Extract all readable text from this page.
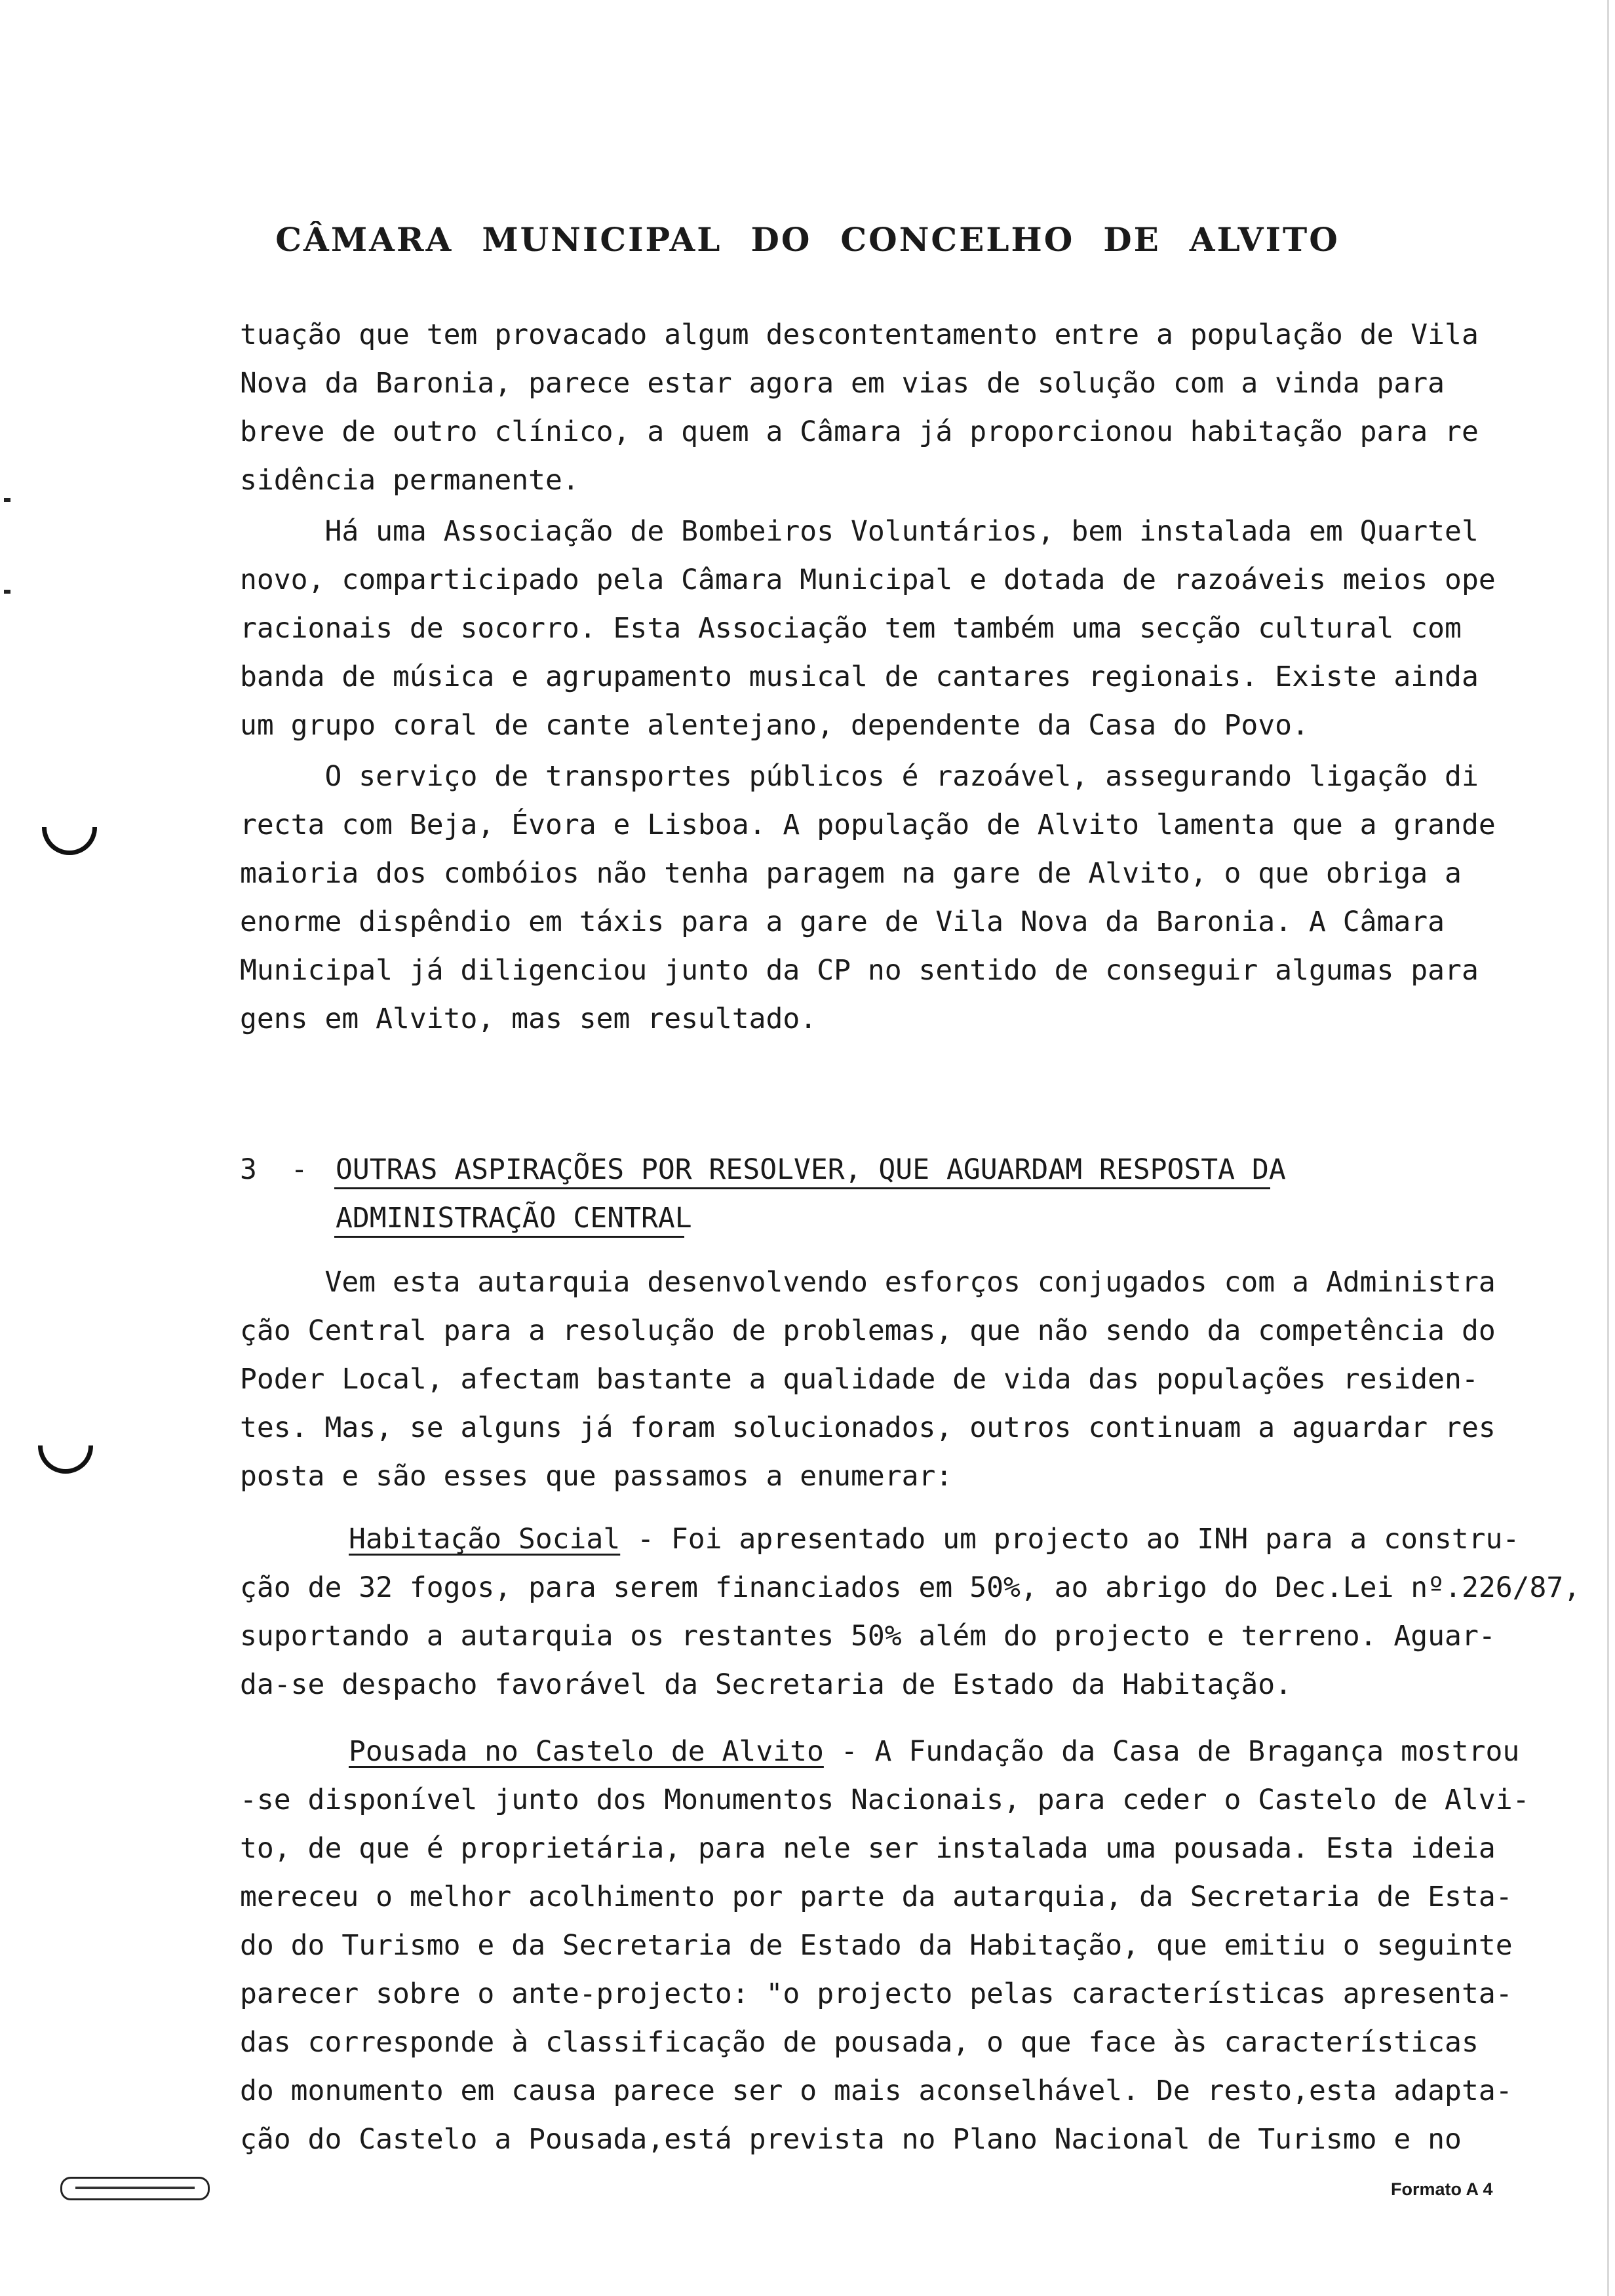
CÂMARA MUNICIPAL DO CONCELHO DE ALVITO
tuação que tem provacado algum descontentamento entre a população de Vila
Nova da Baronia, parece estar agora em vias de solução com a vinda para
breve de outro clínico, a quem a Câmara já proporcionou habitação para re
sidência permanente.
Há uma Associação de Bombeiros Voluntários, bem instalada em Quartel
novo, comparticipado pela Câmara Municipal e dotada de razoáveis meios ope
racionais de socorro. Esta Associação tem também uma secção cultural com
banda de música e agrupamento musical de cantares regionais. Existe ainda
um grupo coral de cante alentejano, dependente da Casa do Povo.
O serviço de transportes públicos é razoável, assegurando ligação di
recta com Beja, Évora e Lisboa. A população de Alvito lamenta que a grande
maioria dos combóios não tenha paragem na gare de Alvito, o que obriga a
enorme dispêndio em táxis para a gare de Vila Nova da Baronia. A Câmara
Municipal já diligenciou junto da CP no sentido de conseguir algumas para
gens em Alvito, mas sem resultado.
3  - OUTRAS ASPIRAÇÕES POR RESOLVER, QUE AGUARDAM RESPOSTA DA
ADMINISTRAÇÃO CENTRAL
Vem esta autarquia desenvolvendo esforços conjugados com a Administra
ção Central para a resolução de problemas, que não sendo da competência do
Poder Local, afectam bastante a qualidade de vida das populações residen-
tes. Mas, se alguns já foram solucionados, outros continuam a aguardar res
posta e são esses que passamos a enumerar:
Habitação Social - Foi apresentado um projecto ao INH para a constru-
ção de 32 fogos, para serem financiados em 50%, ao abrigo do Dec.Lei nº.226/87,
suportando a autarquia os restantes 50% além do projecto e terreno. Aguar-
da-se despacho favorável da Secretaria de Estado da Habitação.
Pousada no Castelo de Alvito - A Fundação da Casa de Bragança mostrou
-se disponível junto dos Monumentos Nacionais, para ceder o Castelo de Alvi-
to, de que é proprietária, para nele ser instalada uma pousada. Esta ideia
mereceu o melhor acolhimento por parte da autarquia, da Secretaria de Esta-
do do Turismo e da Secretaria de Estado da Habitação, que emitiu o seguinte
parecer sobre o ante-projecto: "o projecto pelas características apresenta-
das corresponde à classificação de pousada, o que face às características
do monumento em causa parece ser o mais aconselhável. De resto,esta adapta-
ção do Castelo a Pousada,está prevista no Plano Nacional de Turismo e no
Formato A 4
